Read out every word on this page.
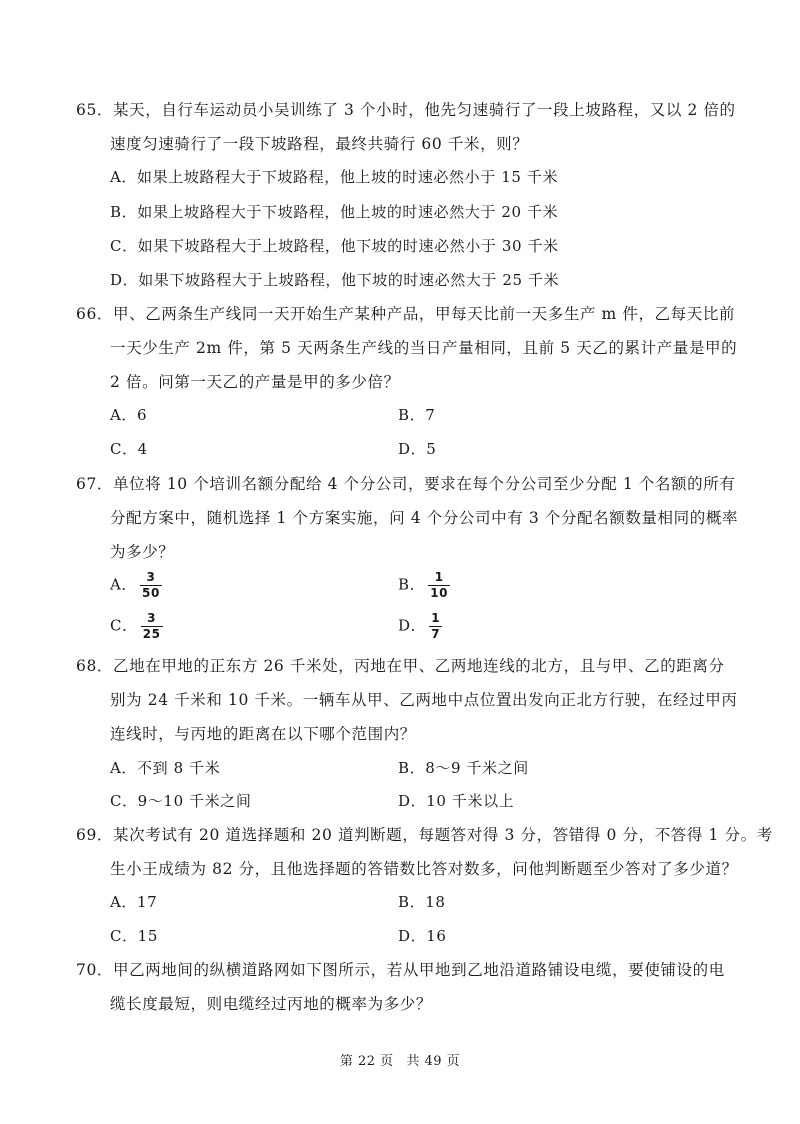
65．某天，自行车运动员小吴训练了 3 个小时，他先匀速骑行了一段上坡路程，又以 2 倍的
速度匀速骑行了一段下坡路程，最终共骑行 60 千米，则？
A．如果上坡路程大于下坡路程，他上坡的时速必然小于 15 千米
B．如果上坡路程大于下坡路程，他上坡的时速必然大于 20 千米
C．如果下坡路程大于上坡路程，他下坡的时速必然小于 30 千米
D．如果下坡路程大于上坡路程，他下坡的时速必然大于 25 千米
66．甲、乙两条生产线同一天开始生产某种产品，甲每天比前一天多生产 m 件，乙每天比前
一天少生产 2m 件，第 5 天两条生产线的当日产量相同，且前 5 天乙的累计产量是甲的
2 倍。问第一天乙的产量是甲的多少倍？
A．6	B．7
C．4	D．5
67．单位将 10 个培训名额分配给 4 个分公司，要求在每个分公司至少分配 1 个名额的所有
分配方案中，随机选择 1 个方案实施，问 4 个分公司中有 3 个分配名额数量相同的概率
为多少？
A． $\frac{3}{50}$	B． $\frac{1}{10}$
C． $\frac{3}{25}$	D． $\frac{1}{7}$
68．乙地在甲地的正东方 26 千米处，丙地在甲、乙两地连线的北方，且与甲、乙的距离分
别为 24 千米和 10 千米。一辆车从甲、乙两地中点位置出发向正北方行驶，在经过甲丙
连线时，与丙地的距离在以下哪个范围内？
A．不到 8 千米	B．8～9 千米之间
C．9～10 千米之间	D．10 千米以上
69．某次考试有 20 道选择题和 20 道判断题，每题答对得 3 分，答错得 0 分，不答得 1 分。考
生小王成绩为 82 分，且他选择题的答错数比答对数多，问他判断题至少答对了多少道？
A．17	B．18
C．15	D．16
70．甲乙两地间的纵横道路网如下图所示，若从甲地到乙地沿道路铺设电缆，要使铺设的电
缆长度最短，则电缆经过丙地的概率为多少？
第 22 页 共 49 页
